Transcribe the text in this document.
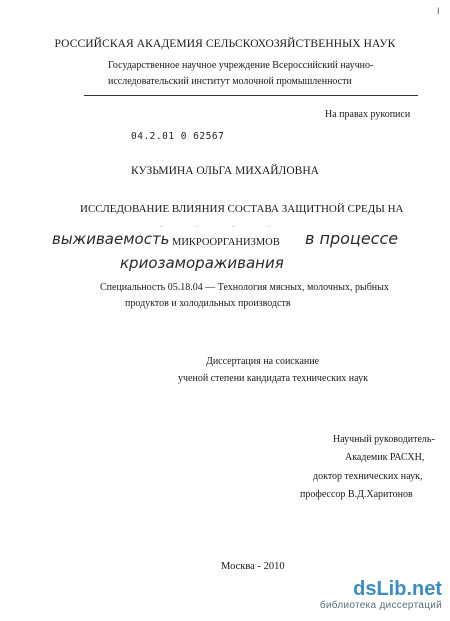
I
РОССИЙСКАЯ АКАДЕМИЯ СЕЛЬСКОХОЗЯЙСТВЕННЫХ НАУК
Государственное научное учреждение Всероссийский научно-
исследовательский институт молочной промышленности
На правах рукописи
04.2.01 0 62567
КУЗЬМИНА ОЛЬГА МИХАЙЛОВНА
ИССЛЕДОВАНИЕ ВЛИЯНИЯ СОСТАВА ЗАЩИТНОЙ СРЕДЫ НА
. . . .
выживаемость МИКРООРГАНИЗМОВ в процессе
криозамораживания
Специальность 05.18.04 — Технология мясных, молочных, рыбных
продуктов и холодильных производств
Диссертация на соискание
ученой степени кандидата технических наук
Научный руководитель-
Академик РАСХН,
доктор технических наук,
профессор В.Д.Харитонов
Москва - 2010
dsLib.net
библиотека диссертаций
